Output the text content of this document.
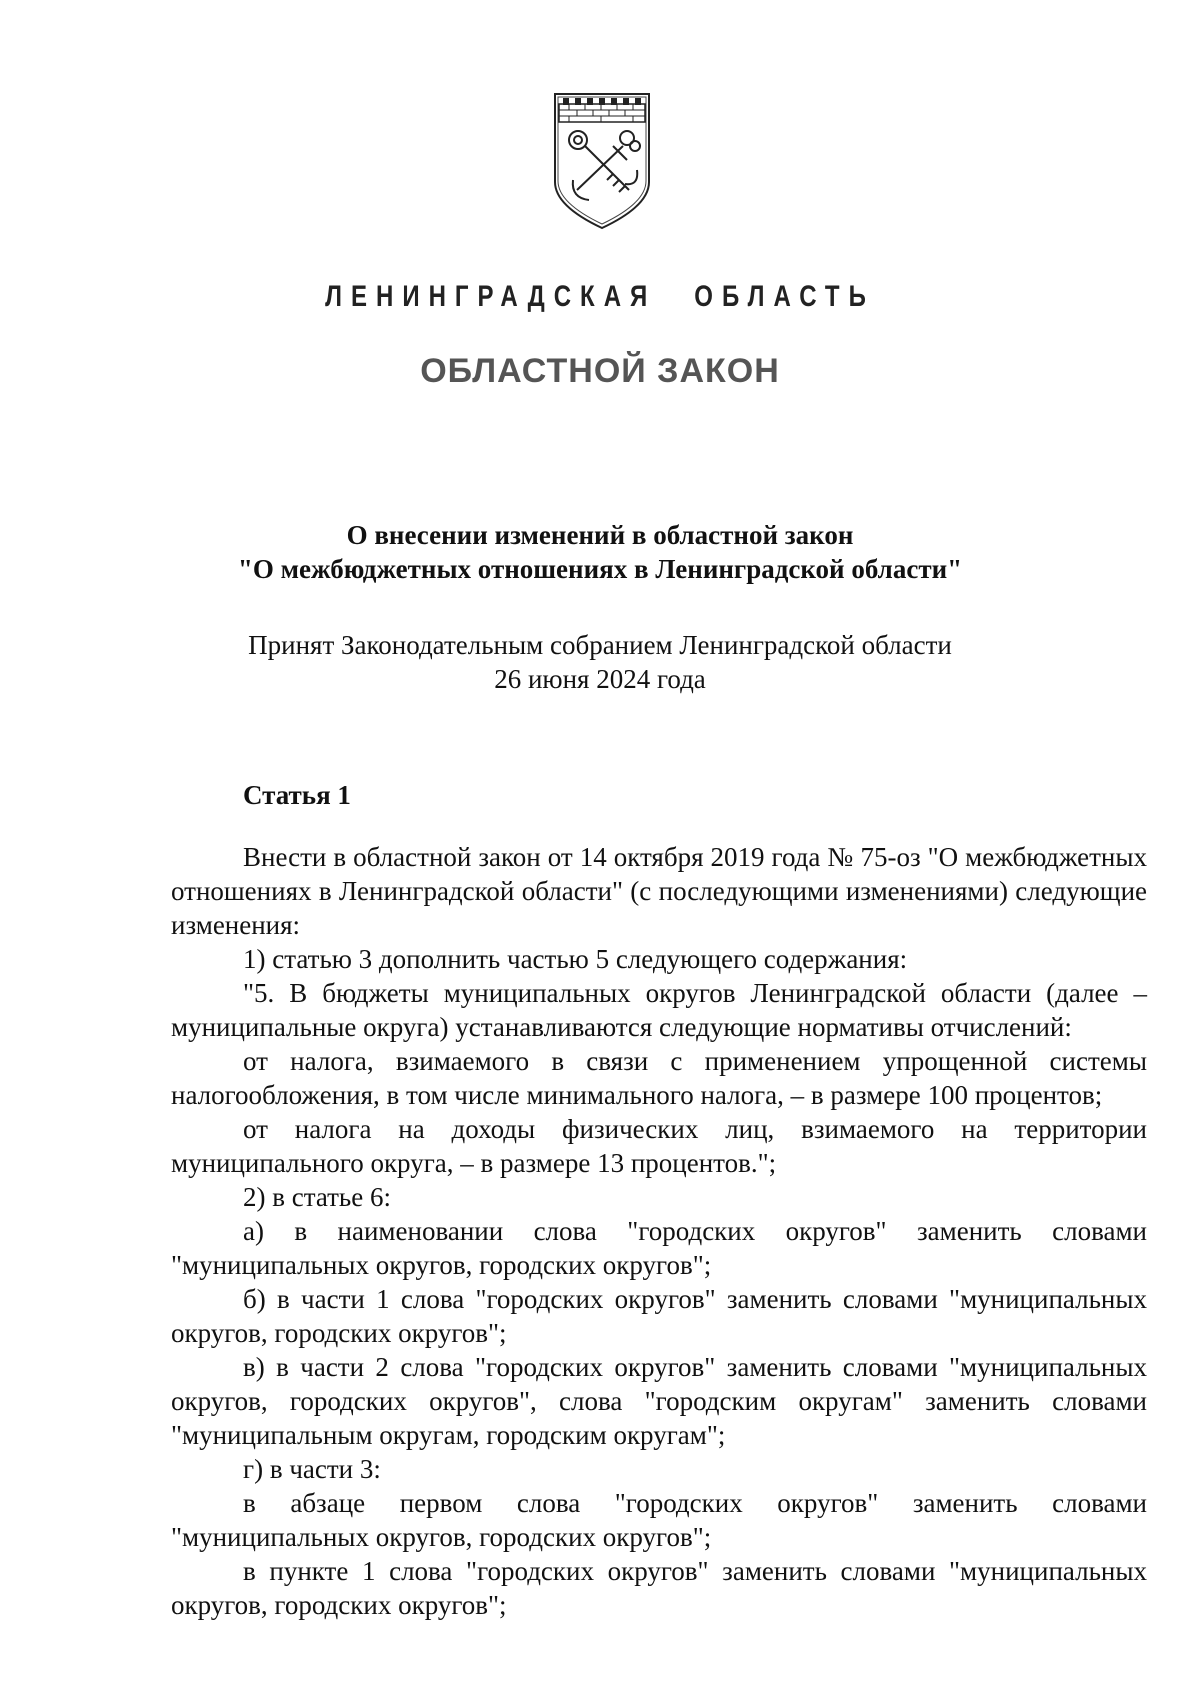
ЛЕНИНГРАДСКАЯ ОБЛАСТЬ
ОБЛАСТНОЙ ЗАКОН
О внесении изменений в областной закон
"О межбюджетных отношениях в Ленинградской области"
Принят Законодательным собранием Ленинградской области
26 июня 2024 года
Статья 1

Внести в областной закон от 14 октября 2019 года № 75-оз "О межбюджетных отношениях в Ленинградской области" (с последующими изменениями) следующие изменения:

1) статью 3 дополнить частью 5 следующего содержания:

"5. В бюджеты муниципальных округов Ленинградской области (далее – муниципальные округа) устанавливаются следующие нормативы отчислений:

от налога, взимаемого в связи с применением упрощенной системы налогообложения, в том числе минимального налога, – в размере 100 процентов;

от налога на доходы физических лиц, взимаемого на территории муниципального округа, – в размере 13 процентов.";

2) в статье 6:

а) в наименовании слова "городских округов" заменить словами "муниципальных округов, городских округов";

б) в части 1 слова "городских округов" заменить словами "муниципальных округов, городских округов";

в) в части 2 слова "городских округов" заменить словами "муниципальных округов, городских округов", слова "городским округам" заменить словами "муниципальным округам, городским округам";

г) в части 3:

в абзаце первом слова "городских округов" заменить словами "муниципальных округов, городских округов";

в пункте 1 слова "городских округов" заменить словами "муниципальных округов, городских округов";
